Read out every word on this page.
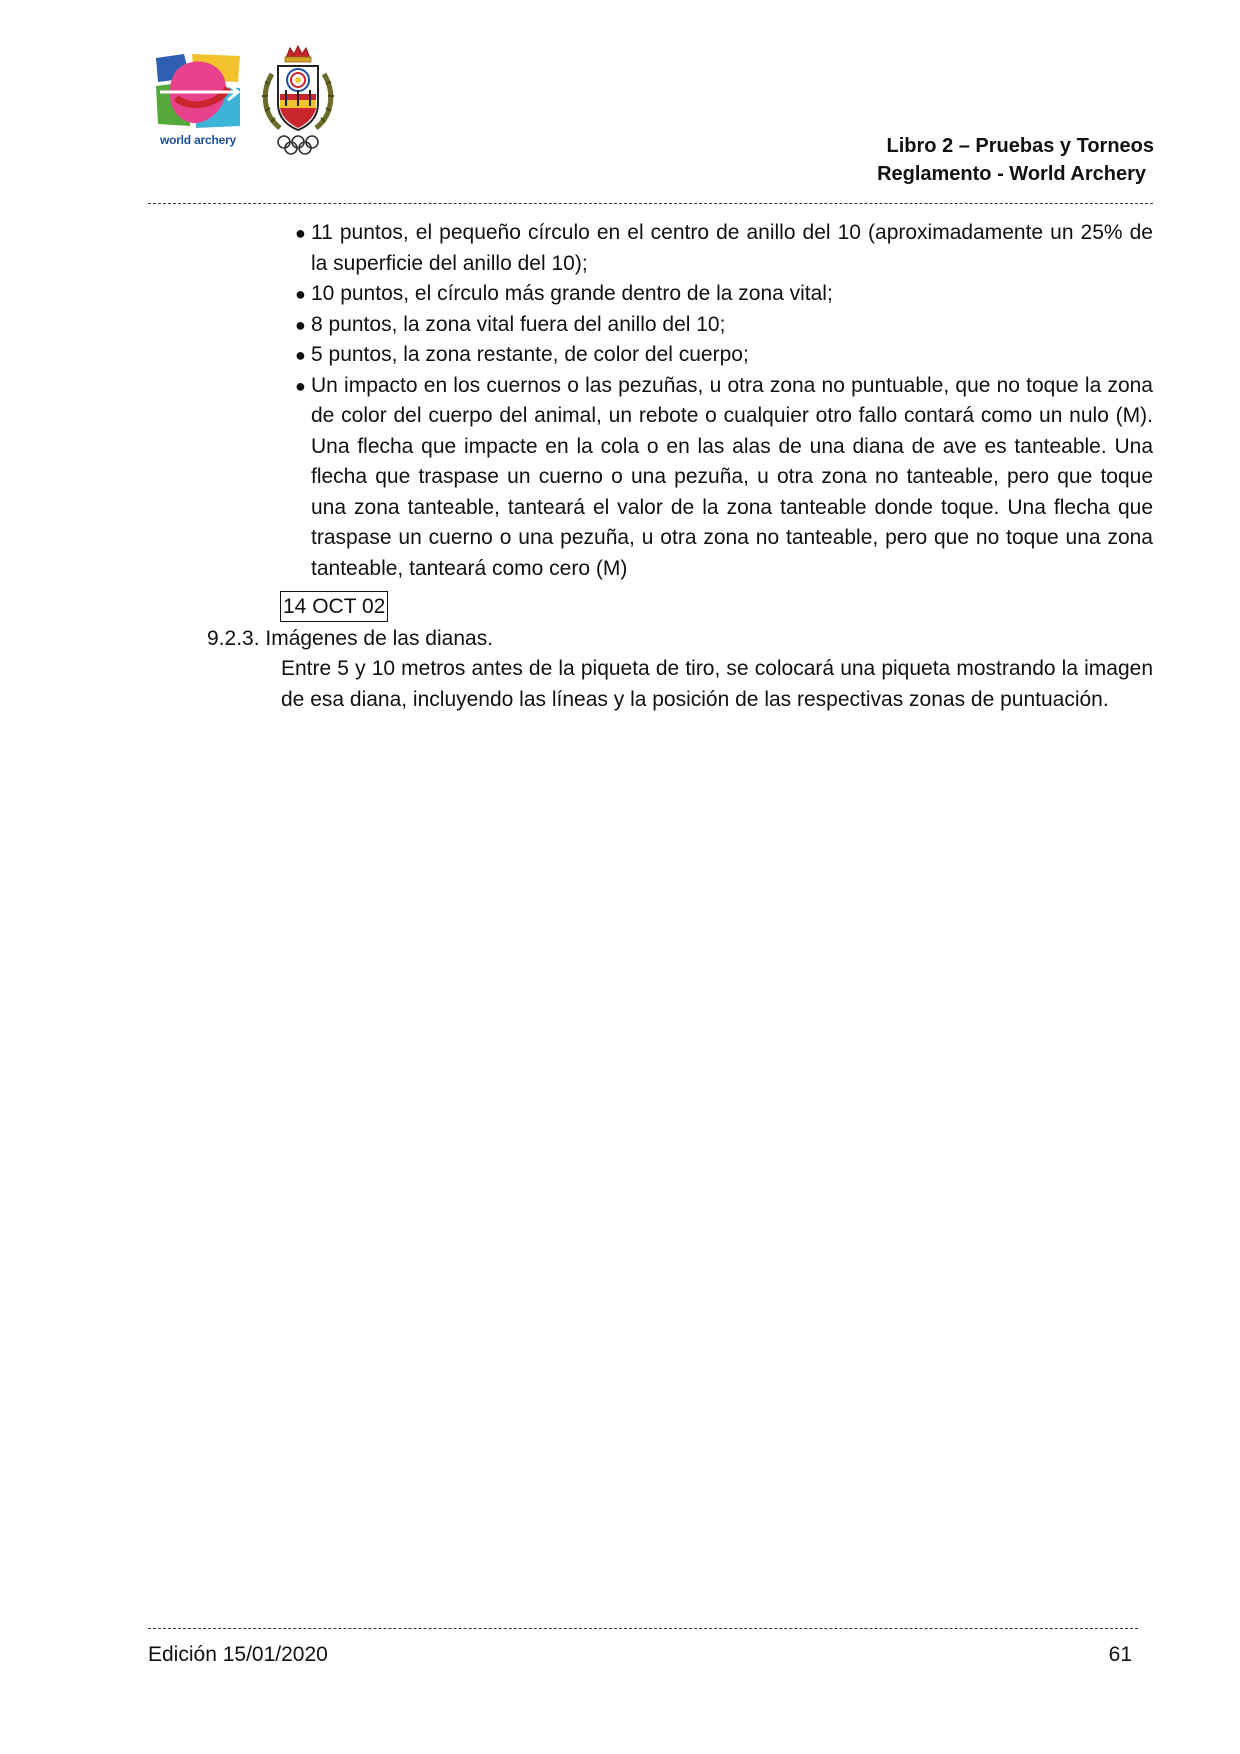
world archery	Libro 2 – Pruebas y Torneos
Reglamento - World Archery
● 11 puntos, el pequeño círculo en el centro de anillo del 10 (aproximadamente un 25% de la superficie del anillo del 10);
● 10 puntos, el círculo más grande dentro de la zona vital;
● 8 puntos, la zona vital fuera del anillo del 10;
● 5 puntos, la zona restante, de color del cuerpo;
● Un impacto en los cuernos o las pezuñas, u otra zona no puntuable, que no toque la zona de color del cuerpo del animal, un rebote o cualquier otro fallo contará como un nulo (M). Una flecha que impacte en la cola o en las alas de una diana de ave es tanteable. Una flecha que traspase un cuerno o una pezuña, u otra zona no tanteable, pero que toque una zona tanteable, tanteará el valor de la zona tanteable donde toque. Una flecha que traspase un cuerno o una pezuña, u otra zona no tanteable, pero que no toque una zona tanteable, tanteará como cero (M)
14 OCT 02
9.2.3. Imágenes de las dianas.

Entre 5 y 10 metros antes de la piqueta de tiro, se colocará una piqueta mostrando la imagen de esa diana, incluyendo las líneas y la posición de las respectivas zonas de puntuación.

Edición 15/01/2020	61
